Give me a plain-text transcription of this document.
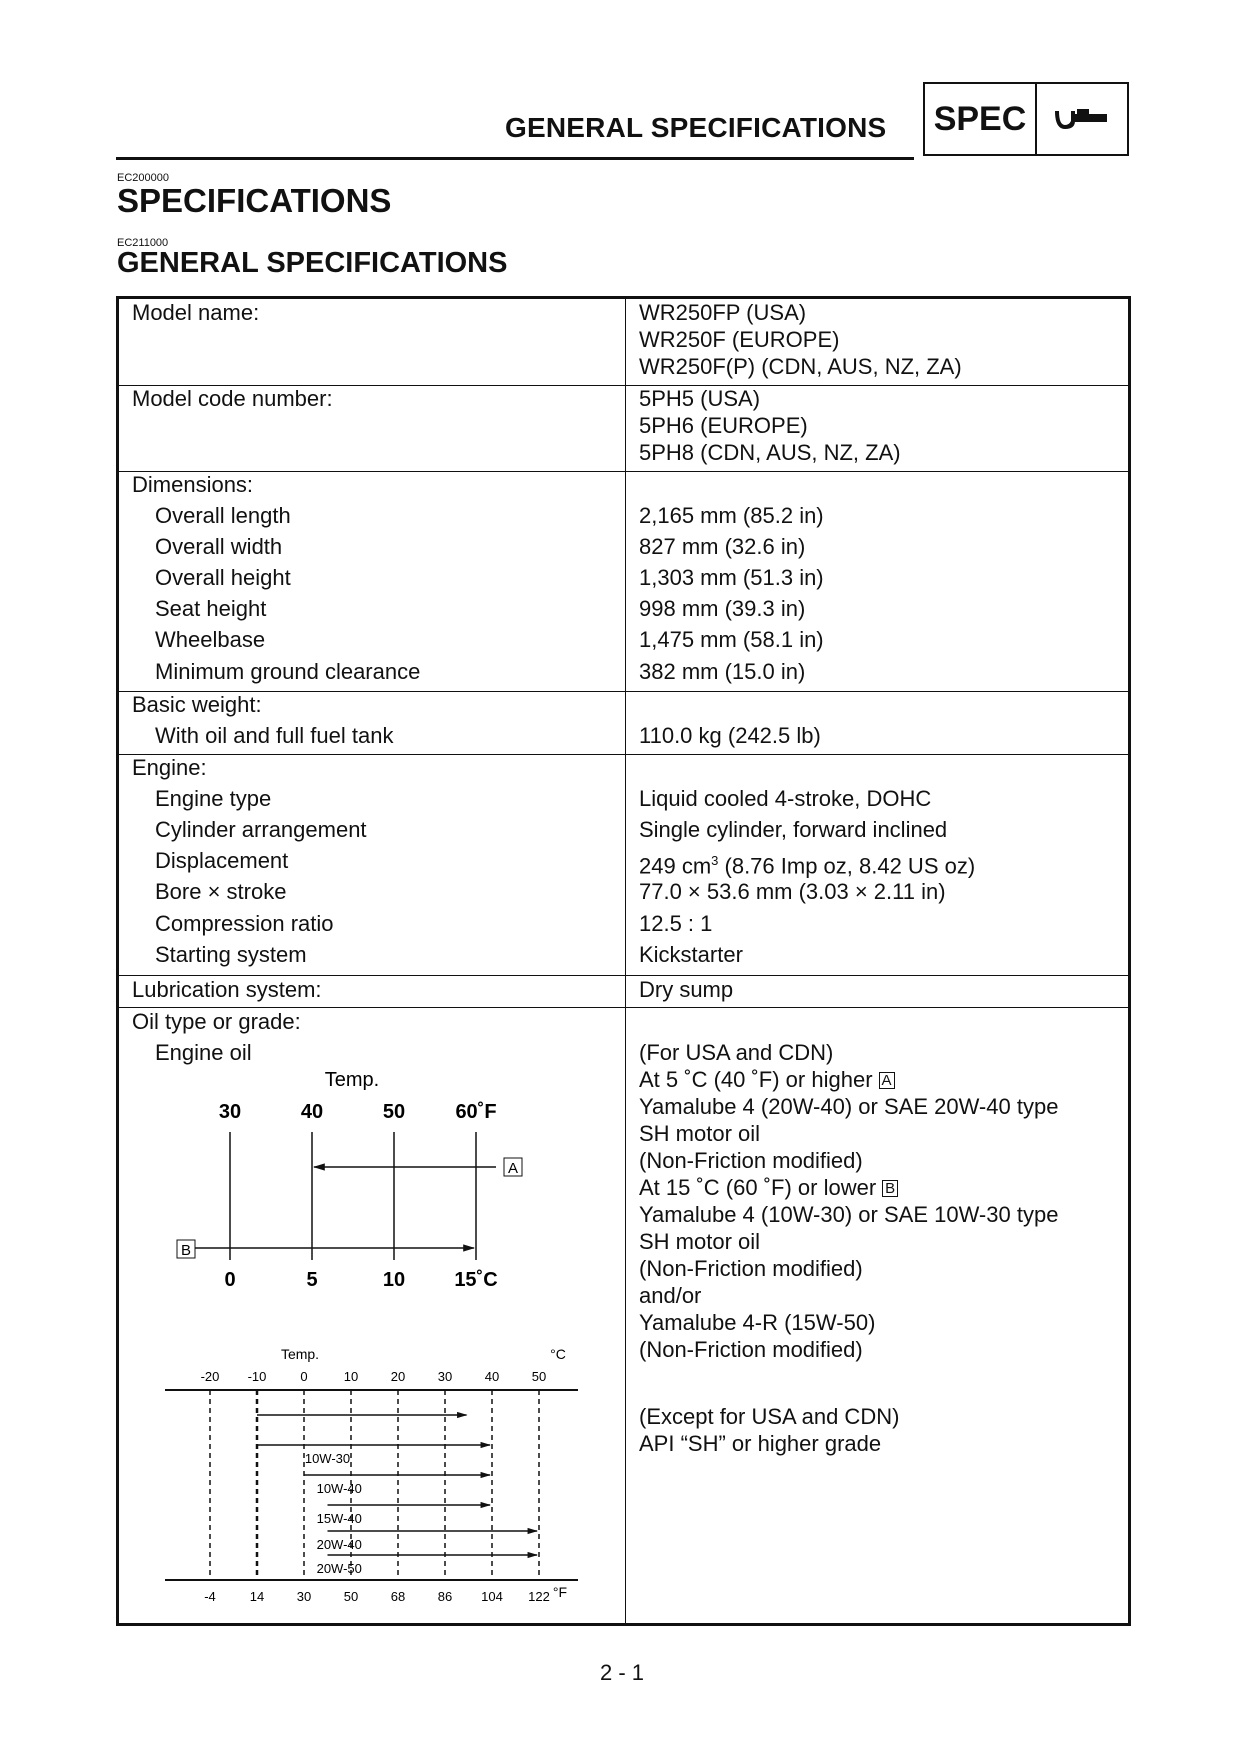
GENERAL SPECIFICATIONS SPEC
EC200000
SPECIFICATIONS
EC211000
GENERAL SPECIFICATIONS
Model name:	WR250FP (USA)
WR250F (EUROPE)
WR250F(P) (CDN, AUS, NZ, ZA)
Model code number:	5PH5 (USA)
5PH6 (EUROPE)
5PH8 (CDN, AUS, NZ, ZA)
Dimensions:
Overall length	2,165 mm (85.2 in)
Overall width	827 mm (32.6 in)
Overall height	1,303 mm (51.3 in)
Seat height	998 mm (39.3 in)
Wheelbase	1,475 mm (58.1 in)
Minimum ground clearance	382 mm (15.0 in)
Basic weight:
With oil and full fuel tank	110.0 kg (242.5 lb)
Engine:
Engine type	Liquid cooled 4-stroke, DOHC
Cylinder arrangement	Single cylinder, forward inclined
Displacement	249 $cm^3$ (8.76 Imp oz, 8.42 US oz)
Bore × stroke	77.0 × 53.6 mm (3.03 × 2.11 in)
Compression ratio	12.5 : 1
Starting system	Kickstarter
Lubrication system:	Dry sump
Oil type or grade:
Engine oil	(For USA and CDN)
At 5 ˚C (40 ˚F) or higher A
Yamalube 4 (20W-40) or SAE 20W-40 type
SH motor oil
(Non-Friction modified)
At 15 ˚C (60 ˚F) or lower B
Yamalube 4 (10W-30) or SAE 10W-30 type
SH motor oil
(Non-Friction modified)
and/or
Yamalube 4-R (15W-50)
(Non-Friction modified)
(Except for USA and CDN)
API “SH” or higher grade
Temp.
30	40	50	60˚F
0	5	10 15˚C
A
B
Temp.	°C
°F
-20 -10	0	10	20	30	40	50
-4	14	30	50	68	86 104 122
10W-30
10W-40
15W-40
20W-40
20W-50
2 - 1
